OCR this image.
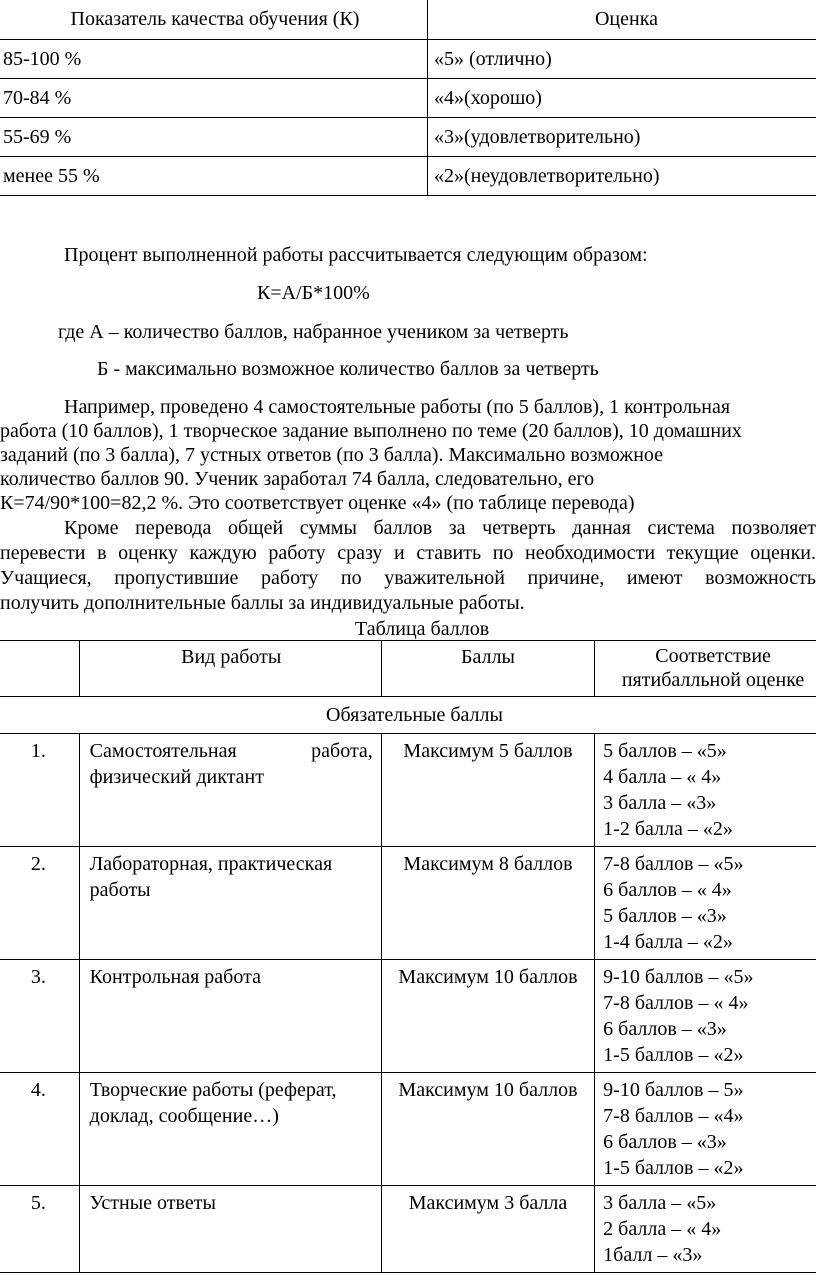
Показатель качества обучения (К)	Оценка
85-100 %	«5» (отлично)
70-84 %	«4»(хорошо)
55-69 %	«3»(удовлетворительно)
менее 55 %	«2»(неудовлетворительно)
Процент выполненной работы рассчитывается следующим образом:
К=А/Б*100%
где А – количество баллов, набранное учеником за четверть
Б - максимально возможное количество баллов за четверть
Например, проведено 4 самостоятельные работы (по 5 баллов), 1 контрольная
работа (10 баллов), 1 творческое задание выполнено по теме (20 баллов), 10 домашних
заданий (по 3 балла), 7 устных ответов (по 3 балла). Максимально возможное
количество баллов 90. Ученик заработал 74 балла, следовательно, его
К=74/90*100=82,2 %. Это соответствует оценке «4» (по таблице перевода)
Кроме перевода общей суммы баллов за четверть данная система позволяет
перевести в оценку каждую работу сразу и ставить по необходимости текущие оценки.
Учащиеся, пропустившие работу по уважительной причине, имеют возможность
получить дополнительные баллы за индивидуальные работы.
Таблица баллов
	Вид работы	Баллы	Соответствие пятибалльной оценке
Обязательные баллы			
1.	Самостоятельная работа, физический диктант	Максимум 5 баллов	5 баллов – «5»
4 балла – « 4»
3 балла – «3»
1-2 балла – «2»

2.	Лабораторная, практическая работы	Максимум 8 баллов	7-8 баллов – «5»
6 баллов – « 4»
5 баллов – «3»
1-4 балла – «2»

3.	Контрольная работа	Максимум 10 баллов	9-10 баллов – «5»
7-8 баллов – « 4»
6 баллов – «3»
1-5 баллов – «2»

4.	Творческие работы (реферат, доклад, сообщение…)	Максимум 10 баллов	9-10 баллов – 5»
7-8 баллов – «4»
6 баллов – «3»
1-5 баллов – «2»

5.	Устные ответы	Максимум 3 балла	3 балла – «5»
2 балла – « 4»
1балл – «3»
